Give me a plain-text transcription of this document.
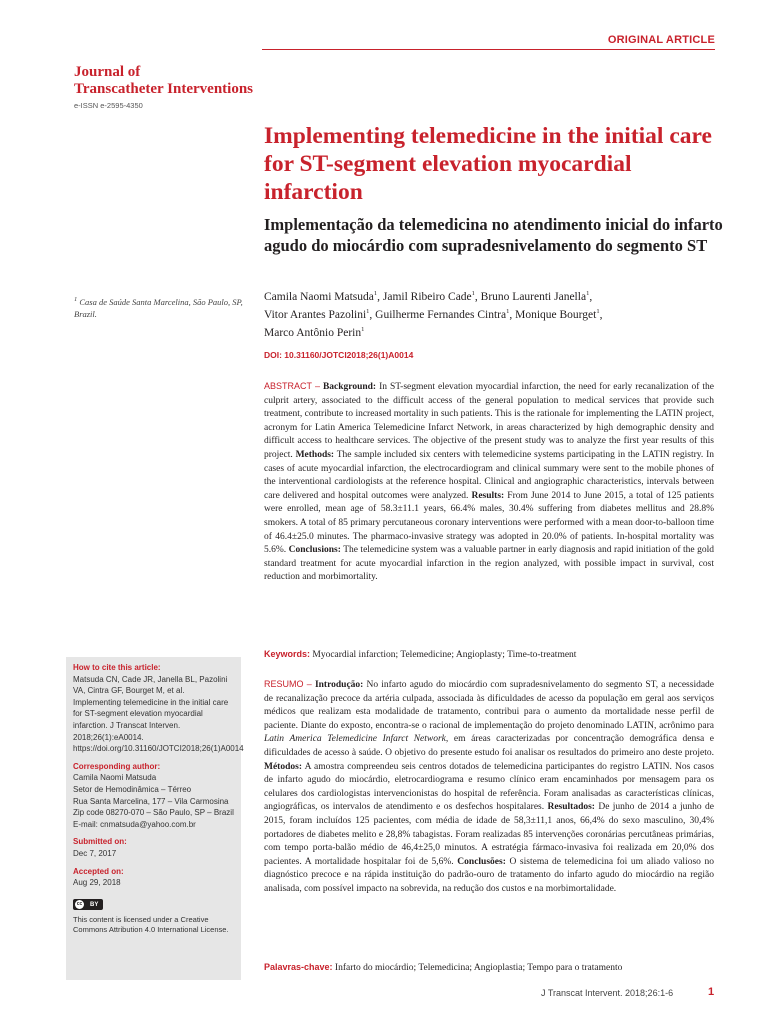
ORIGINAL ARTICLE
Journal of
Transcatheter Interventions
e-ISSN e-2595-4350
Implementing telemedicine in the initial care for ST-segment elevation myocardial infarction
Implementação da telemedicina no atendimento inicial do infarto agudo do miocárdio com supradesnivelamento do segmento ST
Camila Naomi Matsuda$^1$, Jamil Ribeiro Cade$^1$, Bruno Laurenti Janella$^1$,
Vitor Arantes Pazolini$^1$, Guilherme Fernandes Cintra$^1$, Monique Bourget$^1$,
Marco Antônio Perin$^1$
$^1$ Casa de Saúde Santa Marcelina, São Paulo, SP, Brazil.
DOI: 10.31160/JOTCI2018;26(1)A0014
ABSTRACT – Background: In ST-segment elevation myocardial infarction, the need for early recanalization of the culprit artery, associated to the difficult access of the general population to medical services that provide such treatment, contribute to increased mortality in such patients. This is the rationale for implementing the LATIN project, acronym for Latin America Telemedicine Infarct Network, in areas characterized by high demographic density and difficult access to healthcare services. The objective of the present study was to analyze the first year results of this project. Methods: The sample included six centers with telemedicine systems participating in the LATIN registry. In cases of acute myocardial infarction, the electrocardiogram and clinical summary were sent to the mobile phones of the interventional cardiologists at the reference hospital. Clinical and angiographic characteristics, intervals between care delivered and hospital outcomes were analyzed. Results: From June 2014 to June 2015, a total of 125 patients were enrolled, mean age of 58.3±11.1 years, 66.4% males, 30.4% suffering from diabetes mellitus and 28.8% smokers. A total of 85 primary percutaneous coronary interventions were performed with a mean door-to-balloon time of 46.4±25.0 minutes. The pharmaco-invasive strategy was adopted in 20.0% of patients. In-hospital mortality was 5.6%. Conclusions: The telemedicine system was a valuable partner in early diagnosis and rapid initiation of the gold standard treatment for acute myocardial infarction in the region analyzed, with possible impact in survival, cost reduction and morbimortality.
Keywords: Myocardial infarction; Telemedicine; Angioplasty; Time-to-treatment
RESUMO – Introdução: No infarto agudo do miocárdio com supradesnivelamento do segmento ST, a necessidade de recanalização precoce da artéria culpada, associada às dificuldades de acesso da população em geral aos serviços médicos que realizam esta modalidade de tratamento, contribui para o aumento da mortalidade nesse perfil de paciente. Diante do exposto, encontra-se o racional de implementação do projeto denominado LATIN, acrônimo para Latin America Telemedicine Infarct Network, em áreas caracterizadas por concentração demográfica densa e dificuldades de acesso à saúde. O objetivo do presente estudo foi analisar os resultados do primeiro ano deste projeto. Métodos: A amostra compreendeu seis centros dotados de telemedicina participantes do registro LATIN. Nos casos de infarto agudo do miocárdio, eletrocardiograma e resumo clínico eram encaminhados por mensagem para os celulares dos cardiologistas intervencionistas do hospital de referência. Foram analisadas as características clínicas, angiográficas, os intervalos de atendimento e os desfechos hospitalares. Resultados: De junho de 2014 a junho de 2015, foram incluídos 125 pacientes, com média de idade de 58,3±11,1 anos, 66,4% do sexo masculino, 30,4% portadores de diabetes melito e 28,8% tabagistas. Foram realizadas 85 intervenções coronárias percutâneas primárias, com tempo porta-balão médio de 46,4±25,0 minutos. A estratégia fármaco-invasiva foi realizada em 20,0% dos pacientes. A mortalidade hospitalar foi de 5,6%. Conclusões: O sistema de telemedicina foi um aliado valioso no diagnóstico precoce e na rápida instituição do padrão-ouro de tratamento do infarto agudo do miocárdio na região analisada, com possível impacto na sobrevida, na redução dos custos e na morbimortalidade.
Palavras-chave: Infarto do miocárdio; Telemedicina; Angioplastia; Tempo para o tratamento
How to cite this article:
Matsuda CN, Cade JR, Janella BL, Pazolini VA, Cintra GF, Bourget M, et al. Implementing telemedicine in the initial care for ST-segment elevation myocardial infarction. J Transcat Interven. 2018;26(1):eA0014. https://doi.org/10.31160/JOTCI2018;26(1)A0014
Corresponding author:
Camila Naomi Matsuda
Setor de Hemodinâmica – Térreo
Rua Santa Marcelina, 177 – Vila Carmosina
Zip code 08270-070 – São Paulo, SP – Brazil
E-mail: cnmatsuda@yahoo.com.br
Submitted on:
Dec 7, 2017
Accepted on:
Aug 29, 2018
cc BY
This content is licensed under a Creative Commons Attribution 4.0 International License.
J Transcat Intervent. 2018;26:1-6	1
